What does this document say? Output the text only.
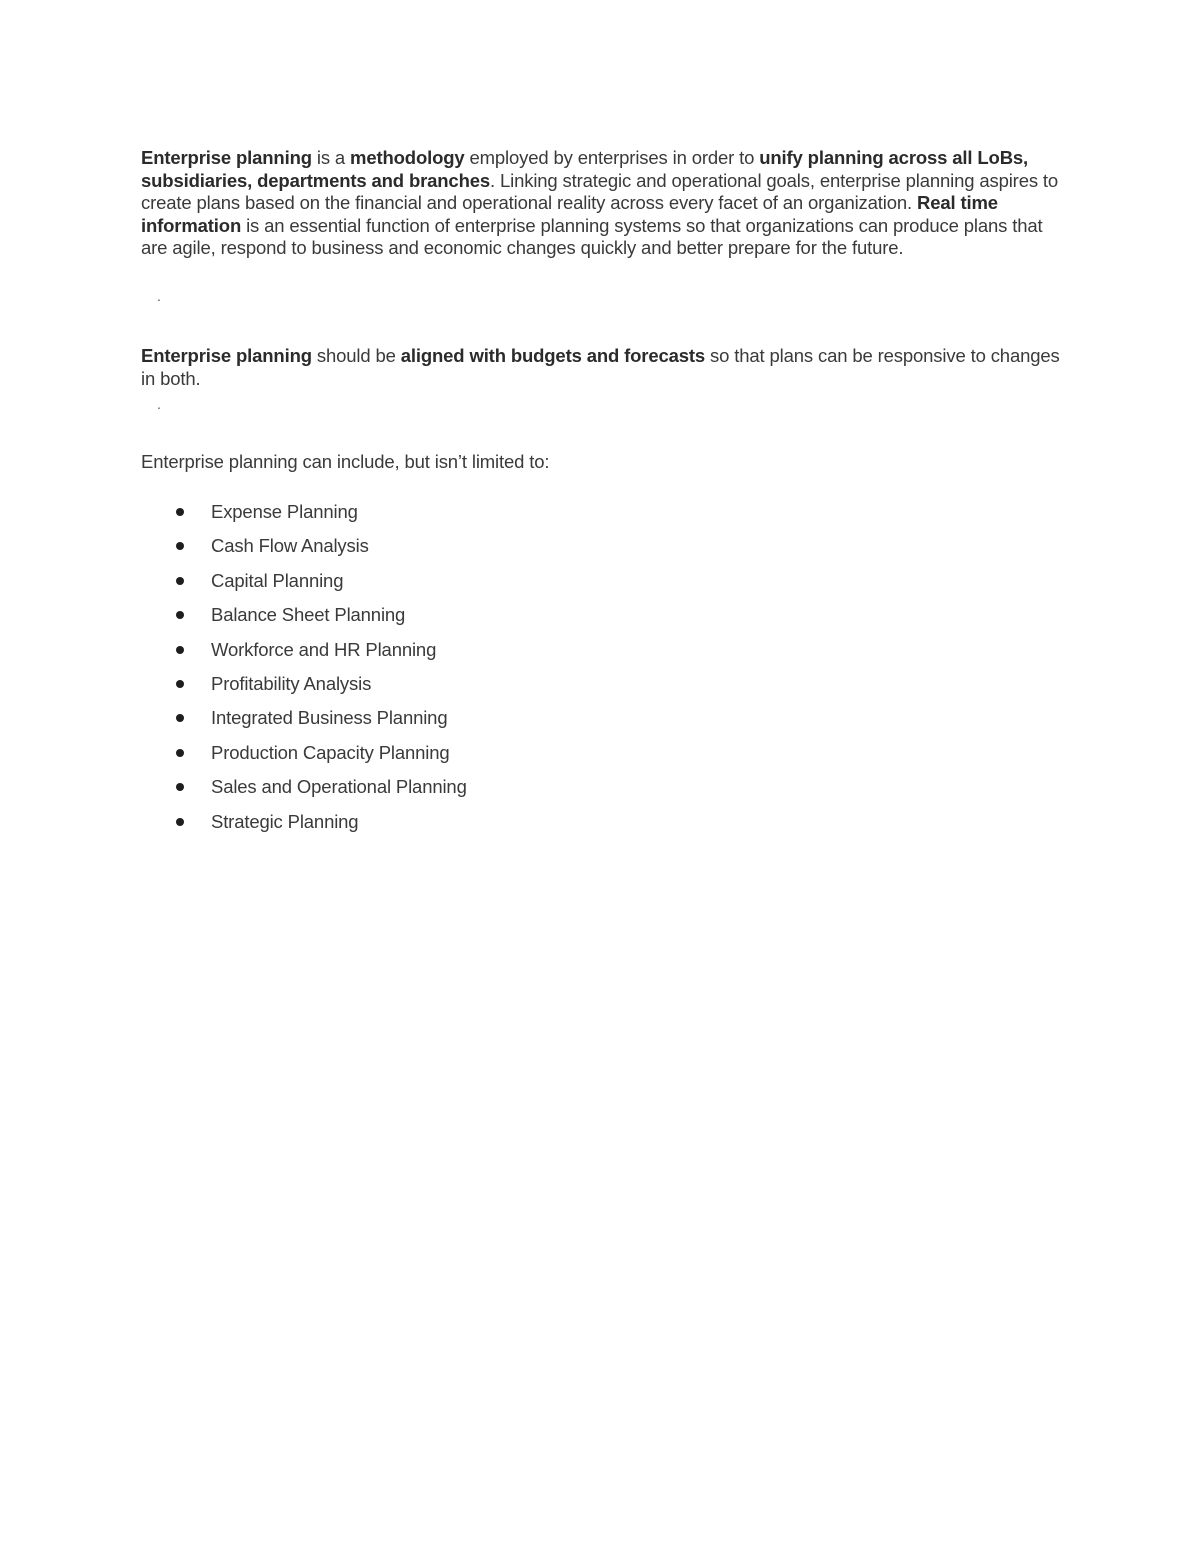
Enterprise planning is a methodology employed by enterprises in order to unify planning across all LoBs, subsidiaries, departments and branches. Linking strategic and operational goals, enterprise planning aspires to create plans based on the financial and operational reality across every facet of an organization. Real time information is an essential function of enterprise planning systems so that organizations can produce plans that are agile, respond to business and economic changes quickly and better prepare for the future.

.

Enterprise planning should be aligned with budgets and forecasts so that plans can be responsive to changes in both.

.

Enterprise planning can include, but isn’t limited to:

Expense Planning
Cash Flow Analysis
Capital Planning
Balance Sheet Planning
Workforce and HR Planning
Profitability Analysis
Integrated Business Planning
Production Capacity Planning
Sales and Operational Planning
Strategic Planning
